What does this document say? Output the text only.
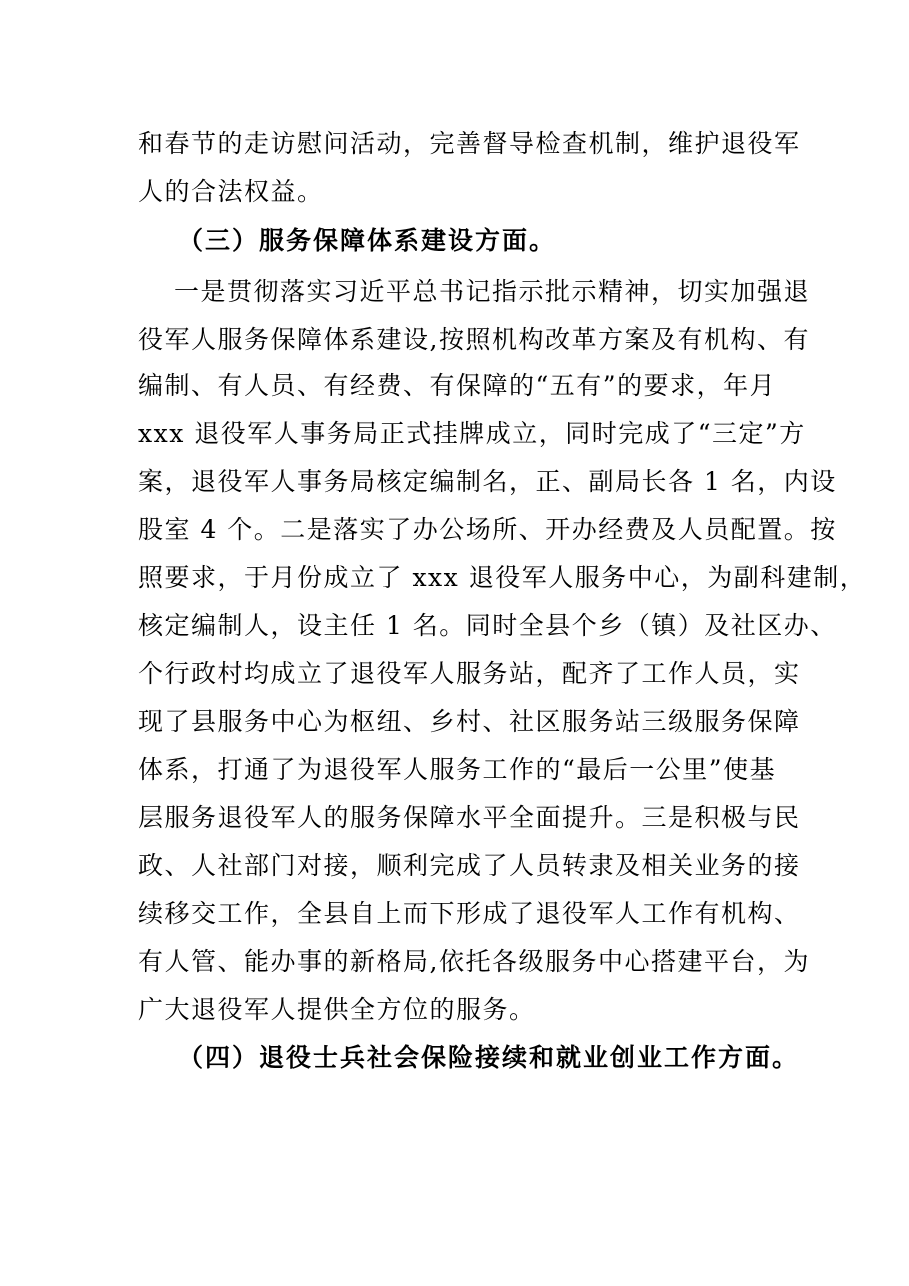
和春节的走访慰问活动，完善督导检查机制，维护退役军
人的合法权益。
（三）服务保障体系建设方面。
一是贯彻落实习近平总书记指示批示精神，切实加强退
役军人服务保障体系建设,按照机构改革方案及有机构、有
编制、有人员、有经费、有保障的“五有”的要求，年月
xxx 退役军人事务局正式挂牌成立，同时完成了“三定”方
案，退役军人事务局核定编制名，正、副局长各 1 名，内设
股室 4 个。二是落实了办公场所、开办经费及人员配置。按
照要求，于月份成立了 xxx 退役军人服务中心，为副科建制，
核定编制人，设主任 1 名。同时全县个乡（镇）及社区办、
个行政村均成立了退役军人服务站，配齐了工作人员，实
现了县服务中心为枢纽、乡村、社区服务站三级服务保障
体系，打通了为退役军人服务工作的“最后一公里”使基
层服务退役军人的服务保障水平全面提升。三是积极与民
政、人社部门对接，顺利完成了人员转隶及相关业务的接
续移交工作，全县自上而下形成了退役军人工作有机构、
有人管、能办事的新格局,依托各级服务中心搭建平台，为
广大退役军人提供全方位的服务。
（四）退役士兵社会保险接续和就业创业工作方面。
